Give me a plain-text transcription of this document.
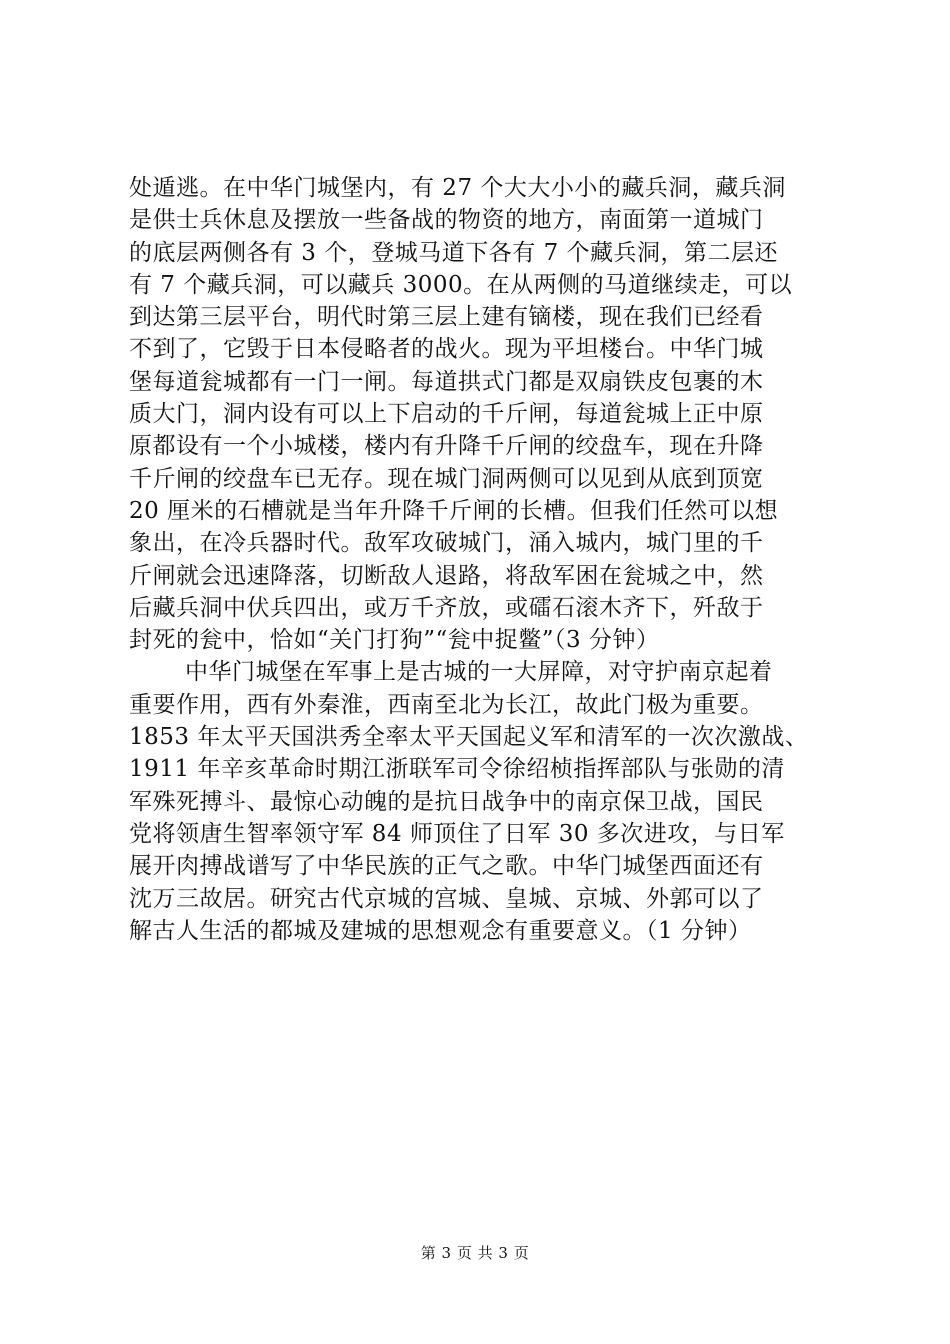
处遁逃。在中华门城堡内，有 27 个大大小小的藏兵洞，藏兵洞
是供士兵休息及摆放一些备战的物资的地方，南面第一道城门
的底层两侧各有 3 个，登城马道下各有 7 个藏兵洞，第二层还
有 7 个藏兵洞，可以藏兵 3000。在从两侧的马道继续走，可以
到达第三层平台，明代时第三层上建有镝楼，现在我们已经看
不到了，它毁于日本侵略者的战火。现为平坦楼台。中华门城
堡每道瓮城都有一门一闸。每道拱式门都是双扇铁皮包裹的木
质大门，洞内设有可以上下启动的千斤闸，每道瓮城上正中原
原都设有一个小城楼，楼内有升降千斤闸的绞盘车，现在升降
千斤闸的绞盘车已无存。现在城门洞两侧可以见到从底到顶宽
20 厘米的石槽就是当年升降千斤闸的长槽。但我们任然可以想
象出，在冷兵器时代。敌军攻破城门，涌入城内，城门里的千
斤闸就会迅速降落，切断敌人退路，将敌军困在瓮城之中，然
后藏兵洞中伏兵四出，或万千齐放，或礌石滚木齐下，歼敌于
封死的瓮中，恰如“关门打狗”“瓮中捉鳖”（3 分钟）
中华门城堡在军事上是古城的一大屏障，对守护南京起着
重要作用，西有外秦淮，西南至北为长江，故此门极为重要。
1853 年太平天国洪秀全率太平天国起义军和清军的一次次激战、
1911 年辛亥革命时期江浙联军司令徐绍桢指挥部队与张勋的清
军殊死搏斗、最惊心动魄的是抗日战争中的南京保卫战，国民
党将领唐生智率领守军 84 师顶住了日军 30 多次进攻，与日军
展开肉搏战谱写了中华民族的正气之歌。中华门城堡西面还有
沈万三故居。研究古代京城的宫城、皇城、京城、外郭可以了
解古人生活的都城及建城的思想观念有重要意义。（1 分钟）
第 3 页 共 3 页
